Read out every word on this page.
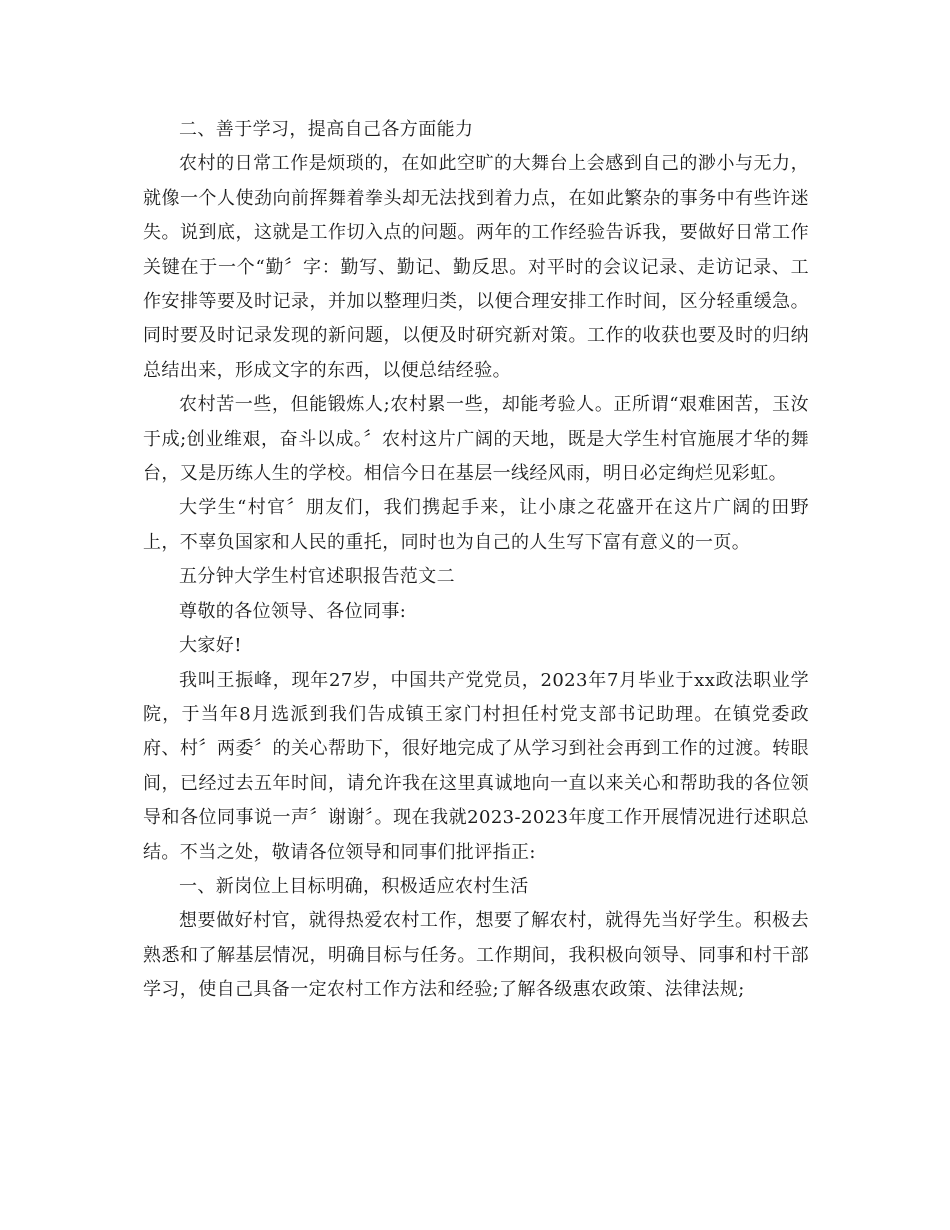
二、善于学习，提高自己各方面能力

农村的日常工作是烦琐的，在如此空旷的大舞台上会感到自己的渺小与无力，就像一个人使劲向前挥舞着拳头却无法找到着力点，在如此繁杂的事务中有些许迷失。说到底，这就是工作切入点的问题。两年的工作经验告诉我，要做好日常工作关键在于一个“勤〞字：勤写、勤记、勤反思。对平时的会议记录、走访记录、工作安排等要及时记录，并加以整理归类，以便合理安排工作时间，区分轻重缓急。同时要及时记录发现的新问题，以便及时研究新对策。工作的收获也要及时的归纳总结出来，形成文字的东西，以便总结经验。

农村苦一些，但能锻炼人;农村累一些，却能考验人。正所谓“艰难困苦，玉汝于成;创业维艰，奋斗以成。〞农村这片广阔的天地，既是大学生村官施展才华的舞台，又是历练人生的学校。相信今日在基层一线经风雨，明日必定绚烂见彩虹。

大学生“村官〞朋友们，我们携起手来，让小康之花盛开在这片广阔的田野上，不辜负国家和人民的重托，同时也为自己的人生写下富有意义的一页。

五分钟大学生村官述职报告范文二

尊敬的各位领导、各位同事:

大家好!

我叫王振峰，现年27岁，中国共产党党员，2023年7月毕业于xx政法职业学院，于当年8月选派到我们告成镇王家门村担任村党支部书记助理。在镇党委政府、村〞两委〞的关心帮助下，很好地完成了从学习到社会再到工作的过渡。转眼间，已经过去五年时间，请允许我在这里真诚地向一直以来关心和帮助我的各位领导和各位同事说一声〞谢谢〞。现在我就2023-2023年度工作开展情况进行述职总结。不当之处，敬请各位领导和同事们批评指正:

一、新岗位上目标明确，积极适应农村生活

想要做好村官，就得热爱农村工作，想要了解农村，就得先当好学生。积极去熟悉和了解基层情况，明确目标与任务。工作期间，我积极向领导、同事和村干部学习，使自己具备一定农村工作方法和经验;了解各级惠农政策、法律法规;
